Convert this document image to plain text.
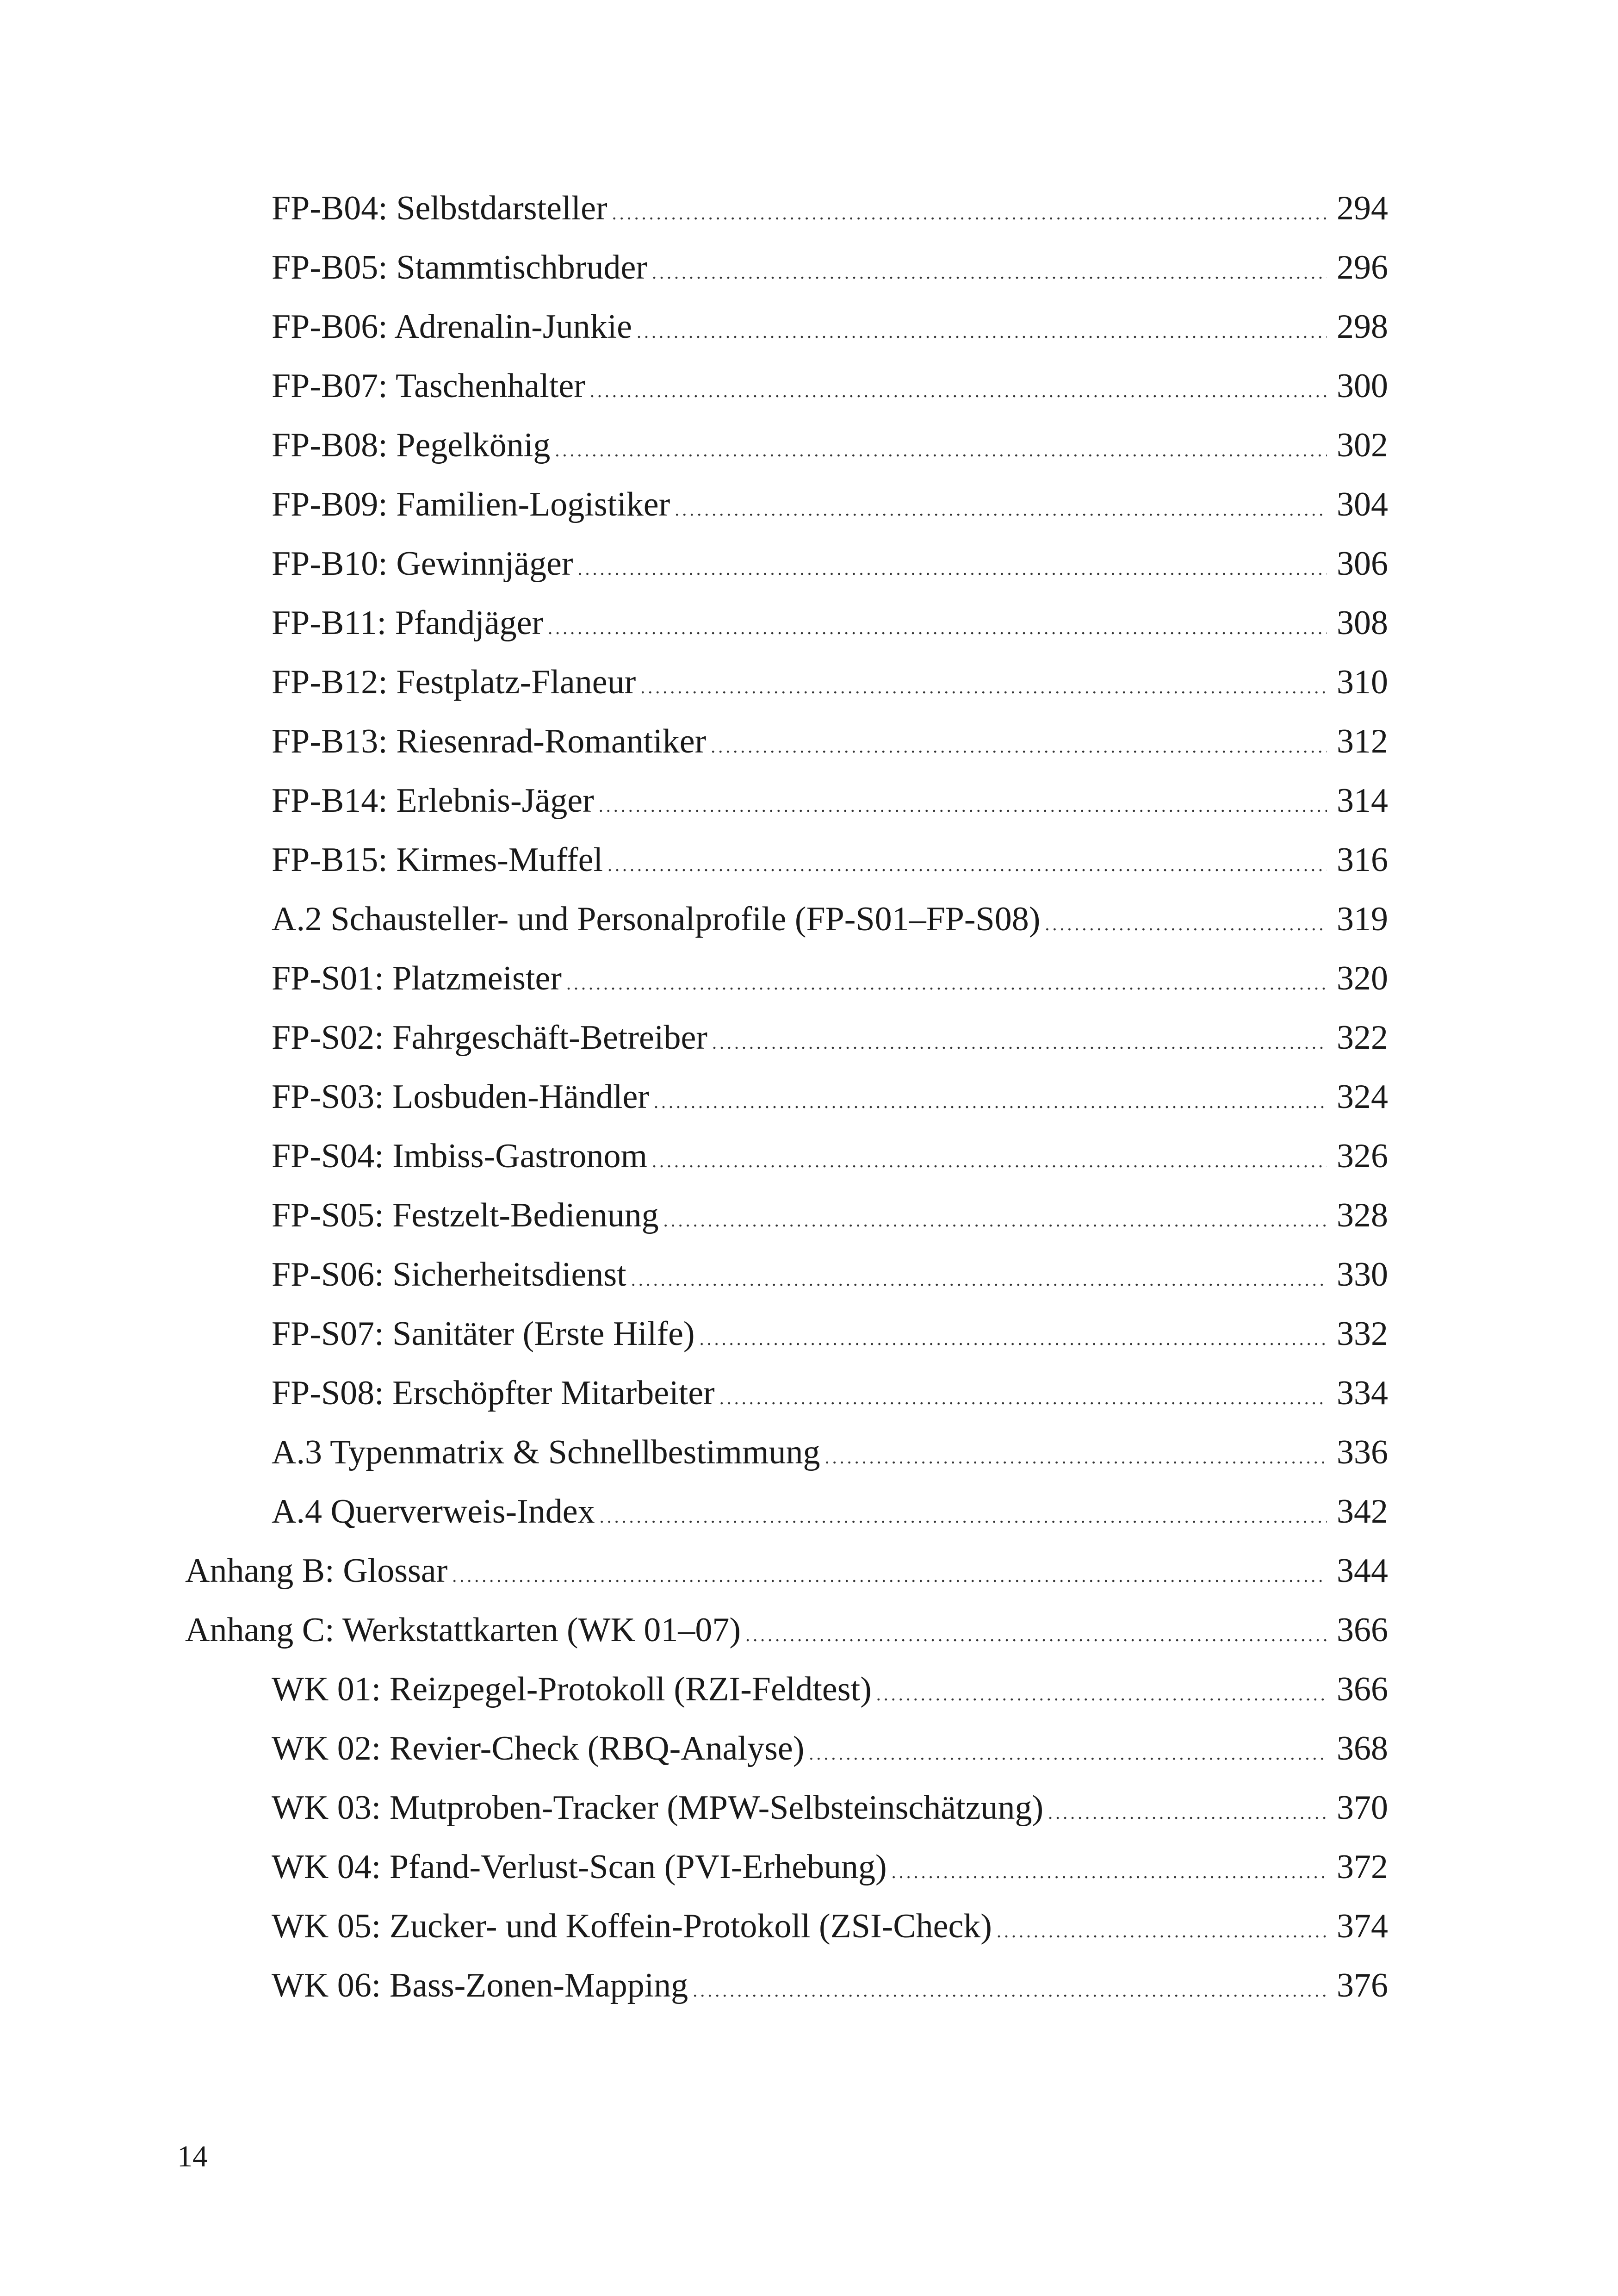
FP-B04: Selbstdarsteller . . .	294
FP-B05: Stammtischbruder . . .	296
FP-B06: Adrenalin-Junkie . . .	298
FP-B07: Taschenhalter . . .	300
FP-B08: Pegelkönig . . .	302
FP-B09: Familien-Logistiker . . .	304
FP-B10: Gewinnjäger . . .	306
FP-B11: Pfandjäger . . .	308
FP-B12: Festplatz-Flaneur . . .	310
FP-B13: Riesenrad-Romantiker . . .	312
FP-B14: Erlebnis-Jäger . . .	314
FP-B15: Kirmes-Muffel . . .	316
A.2 Schausteller- und Personalprofile (FP-S01–FP-S08) . . .	319
FP-S01: Platzmeister . . .	320
FP-S02: Fahrgeschäft-Betreiber . . .	322
FP-S03: Losbuden-Händler . . .	324
FP-S04: Imbiss-Gastronom . . .	326
FP-S05: Festzelt-Bedienung . . .	328
FP-S06: Sicherheitsdienst . . .	330
FP-S07: Sanitäter (Erste Hilfe) . . .	332
FP-S08: Erschöpfter Mitarbeiter . . .	334
A.3 Typenmatrix & Schnellbestimmung . . .	336
A.4 Querverweis-Index . . .	342
Anhang B: Glossar . . .	344
Anhang C: Werkstattkarten (WK 01–07) . . .	366
WK 01: Reizpegel-Protokoll (RZI-Feldtest) . . .	366
WK 02: Revier-Check (RBQ-Analyse) . . .	368
WK 03: Mutproben-Tracker (MPW-Selbsteinschätzung) . . .	370
WK 04: Pfand-Verlust-Scan (PVI-Erhebung) . . .	372
WK 05: Zucker- und Koffein-Protokoll (ZSI-Check) . . .	374
WK 06: Bass-Zonen-Mapping . . .	376
14
